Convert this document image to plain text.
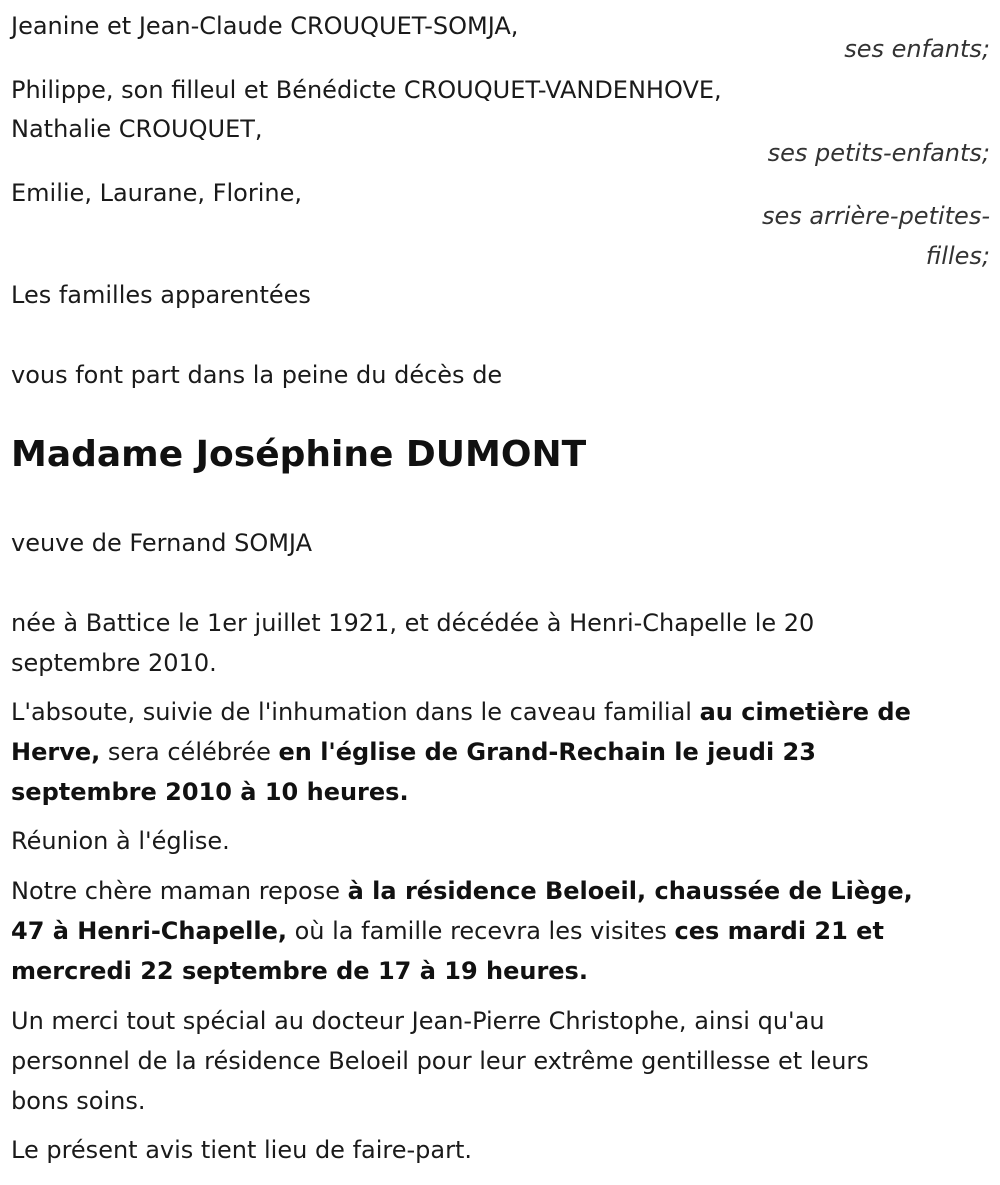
Jeanine et Jean-Claude CROUQUET-SOMJA,
ses enfants;
Philippe, son filleul et Bénédicte CROUQUET-VANDENHOVE,
Nathalie CROUQUET,
ses petits-enfants;
Emilie, Laurane, Florine,
ses arrière-petites-
filles;
Les familles apparentées
vous font part dans la peine du décès de
Madame Joséphine DUMONT
veuve de Fernand SOMJA
née à Battice le 1er juillet 1921, et décédée à Henri-Chapelle le 20
septembre 2010.
L'absoute, suivie de l'inhumation dans le caveau familial au cimetière de
Herve, sera célébrée en l'église de Grand-Rechain le jeudi 23
septembre 2010 à 10 heures.
Réunion à l'église.
Notre chère maman repose à la résidence Beloeil, chaussée de Liège,
47 à Henri-Chapelle, où la famille recevra les visites ces mardi 21 et
mercredi 22 septembre de 17 à 19 heures.
Un merci tout spécial au docteur Jean-Pierre Christophe, ainsi qu'au
personnel de la résidence Beloeil pour leur extrême gentillesse et leurs
bons soins.
Le présent avis tient lieu de faire-part.
